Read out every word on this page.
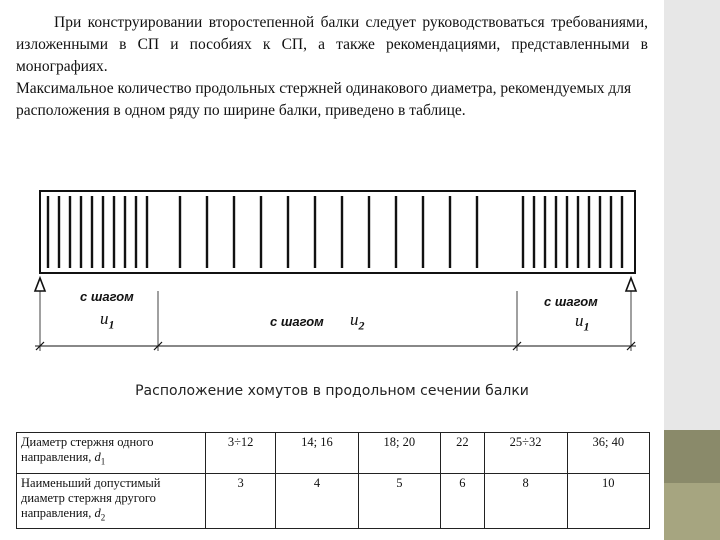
При конструировании второстепенной балки следует руководствоваться требованиями, изложенными в СП и пособиях к СП, а также рекомендациями, представленными в монографиях.

Максимальное количество продольных стержней одинакового диаметра, рекомендуемых для расположения в одном ряду по ширине балки, приведено в таблице.

с шагом
$u_1$	с шагом $u_2$
с шагом
$u_1$
Расположение хомутов в продольном сечении балки
Диаметр стержня одного направления, $d_1$	3÷12	14; 16	18; 20	22	25÷32	36; 40
Наименьший допустимый диаметр стержня другого направления, $d_2$	3	4	5	6	8	10
